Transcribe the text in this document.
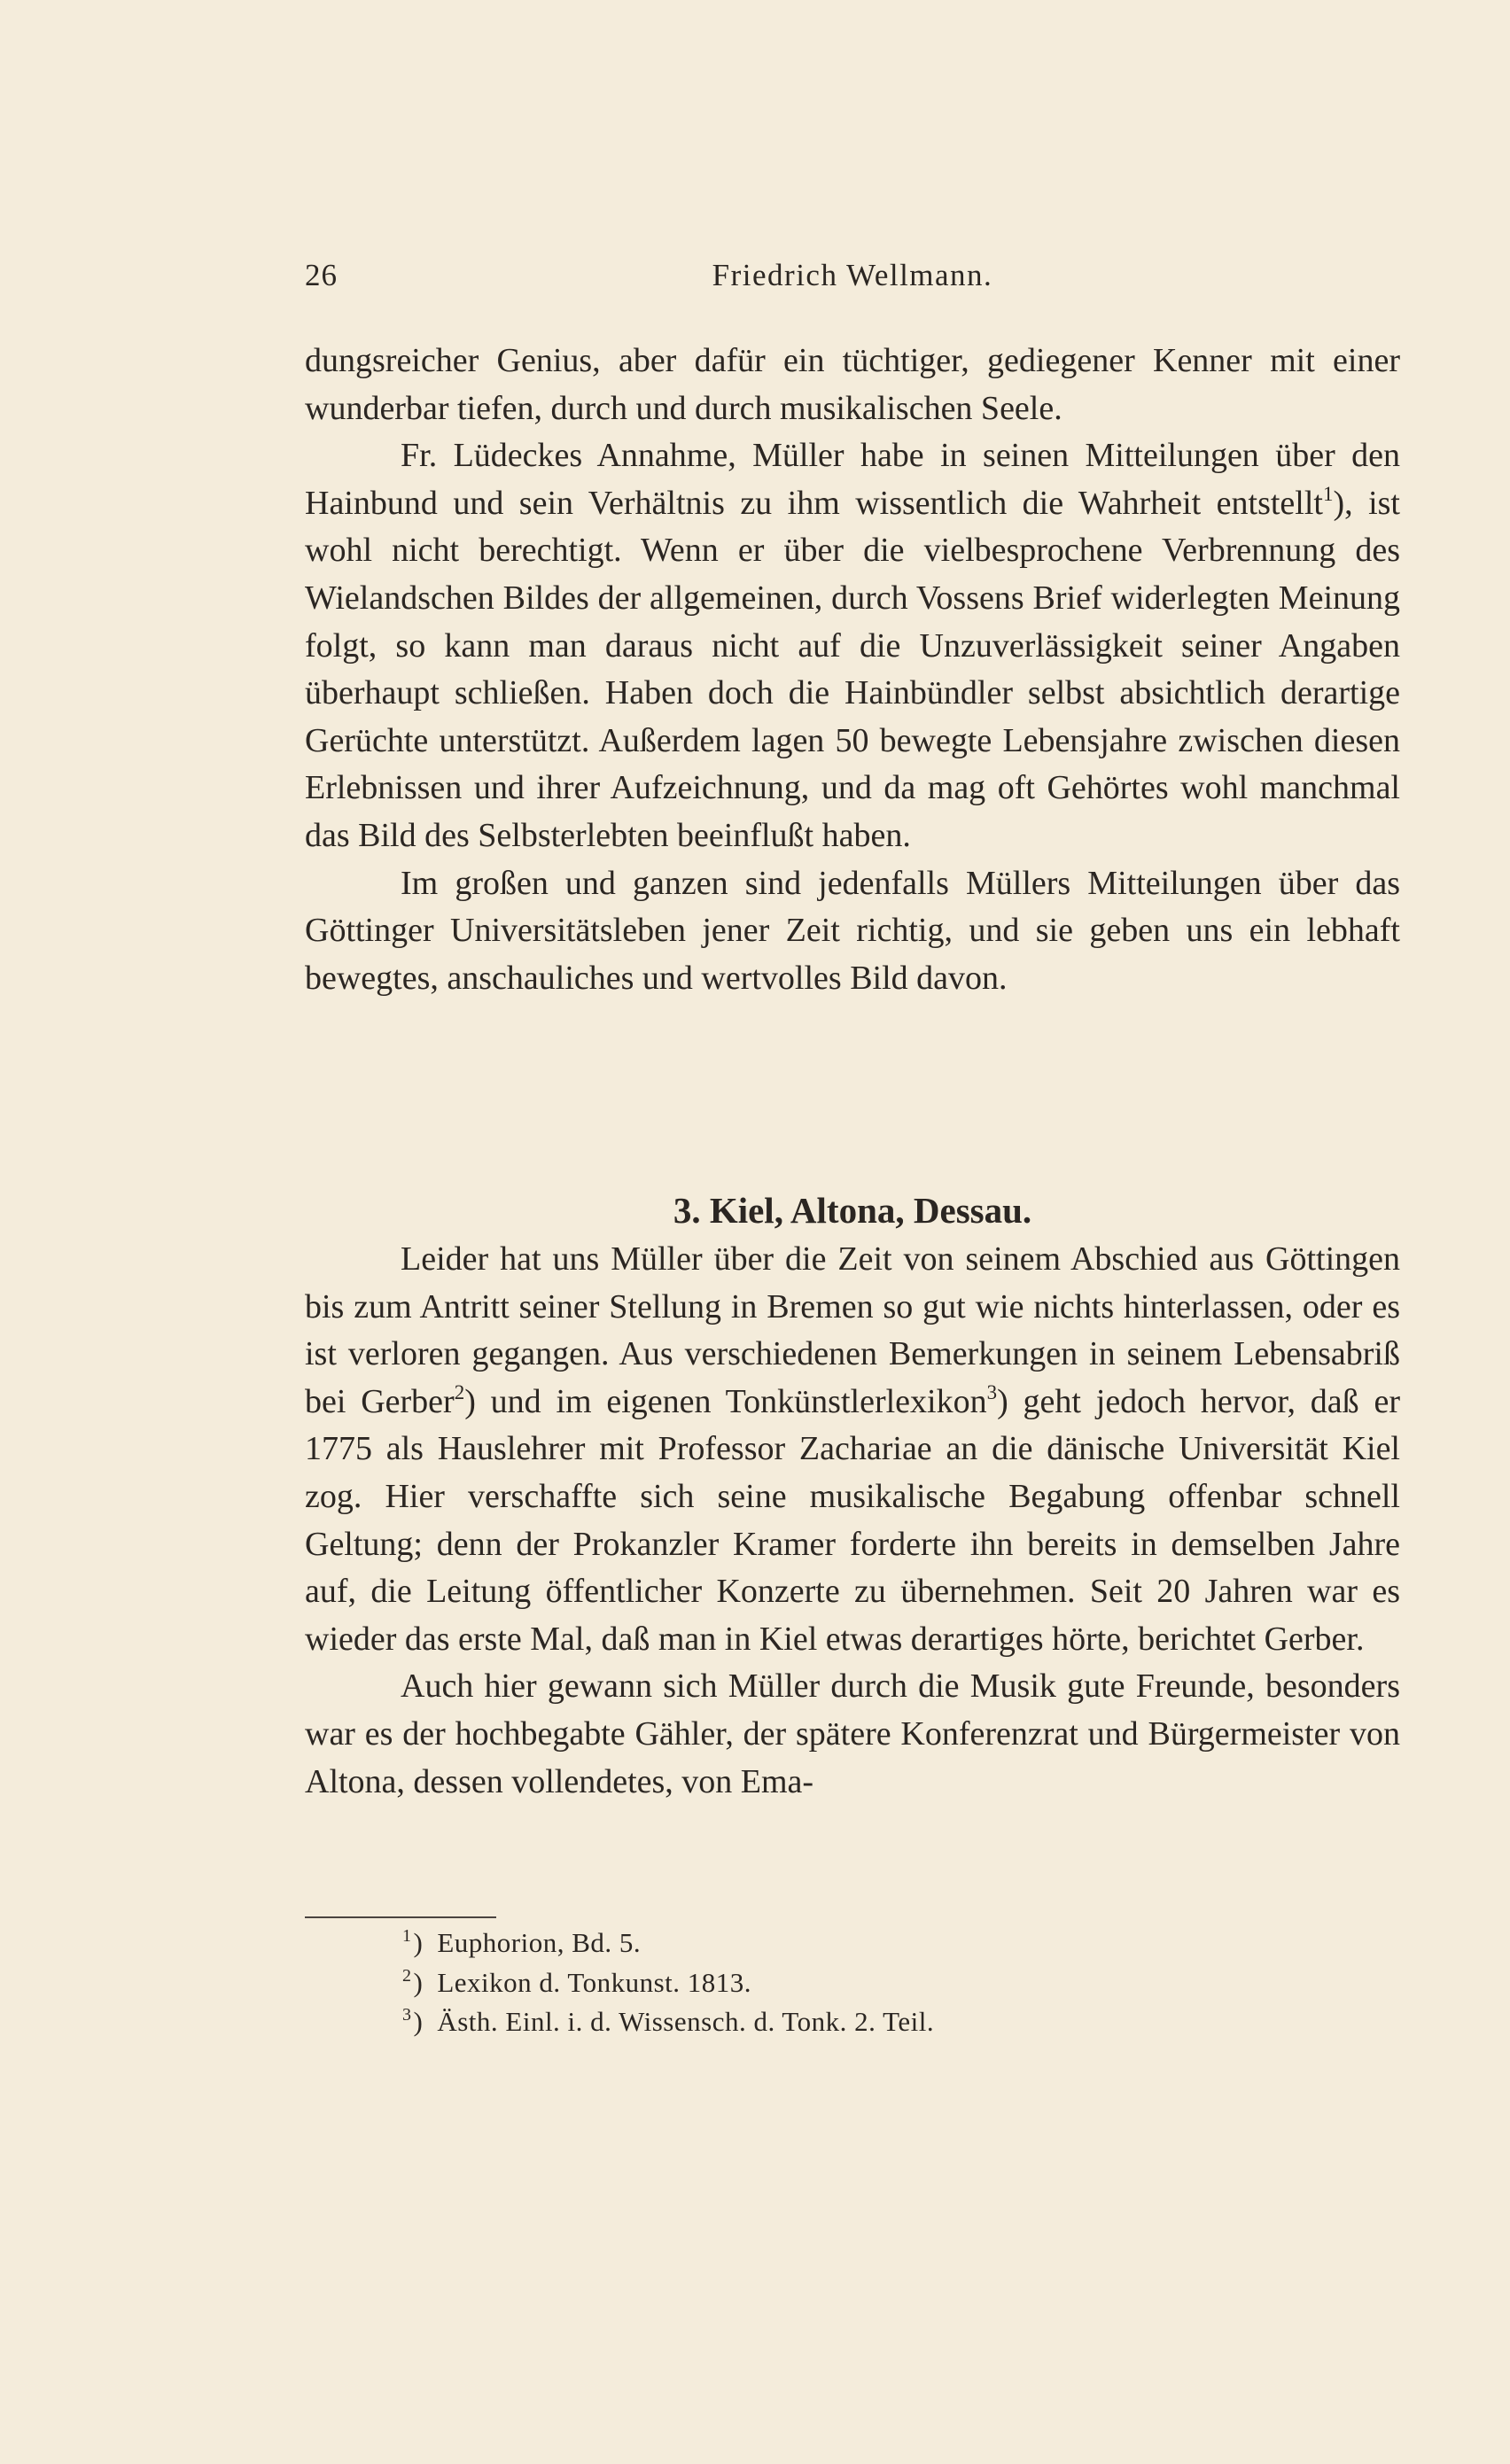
26	Friedrich Wellmann.

dungsreicher Genius, aber dafür ein tüchtiger, gediegener Kenner mit einer wunderbar tiefen, durch und durch musikalischen Seele.

Fr. Lüdeckes Annahme, Müller habe in seinen Mitteilungen über den Hainbund und sein Verhältnis zu ihm wissentlich die Wahrheit entstellt$^1$), ist wohl nicht berechtigt. Wenn er über die vielbesprochene Verbrennung des Wielandschen Bildes der allgemeinen, durch Vossens Brief widerlegten Meinung folgt, so kann man daraus nicht auf die Unzuverlässigkeit seiner Angaben überhaupt schließen. Haben doch die Hainbündler selbst absichtlich derartige Gerüchte unterstützt. Außerdem lagen 50 bewegte Lebensjahre zwischen diesen Erlebnissen und ihrer Aufzeichnung, und da mag oft Gehörtes wohl manchmal das Bild des Selbsterlebten beeinflußt haben.

Im großen und ganzen sind jedenfalls Müllers Mitteilungen über das Göttinger Universitätsleben jener Zeit richtig, und sie geben uns ein lebhaft bewegtes, anschauliches und wertvolles Bild davon.

3. Kiel, Altona, Dessau.

Leider hat uns Müller über die Zeit von seinem Abschied aus Göttingen bis zum Antritt seiner Stellung in Bremen so gut wie nichts hinterlassen, oder es ist verloren gegangen. Aus verschiedenen Bemerkungen in seinem Lebensabriß bei Gerber$^2$) und im eigenen Tonkünstlerlexikon$^3$) geht jedoch hervor, daß er 1775 als Hauslehrer mit Professor Zachariae an die dänische Universität Kiel zog. Hier verschaffte sich seine musikalische Begabung offenbar schnell Geltung; denn der Prokanzler Kramer forderte ihn bereits in demselben Jahre auf, die Leitung öffentlicher Konzerte zu übernehmen. Seit 20 Jahren war es wieder das erste Mal, daß man in Kiel etwas derartiges hörte, berichtet Gerber.

Auch hier gewann sich Müller durch die Musik gute Freunde, besonders war es der hochbegabte Gähler, der spätere Konferenzrat und Bürgermeister von Altona, dessen vollendetes, von Ema-

$^1$) Euphorion, Bd. 5.
$^2$) Lexikon d. Tonkunst. 1813.
$^3$) Ästh. Einl. i. d. Wissensch. d. Tonk. 2. Teil.
